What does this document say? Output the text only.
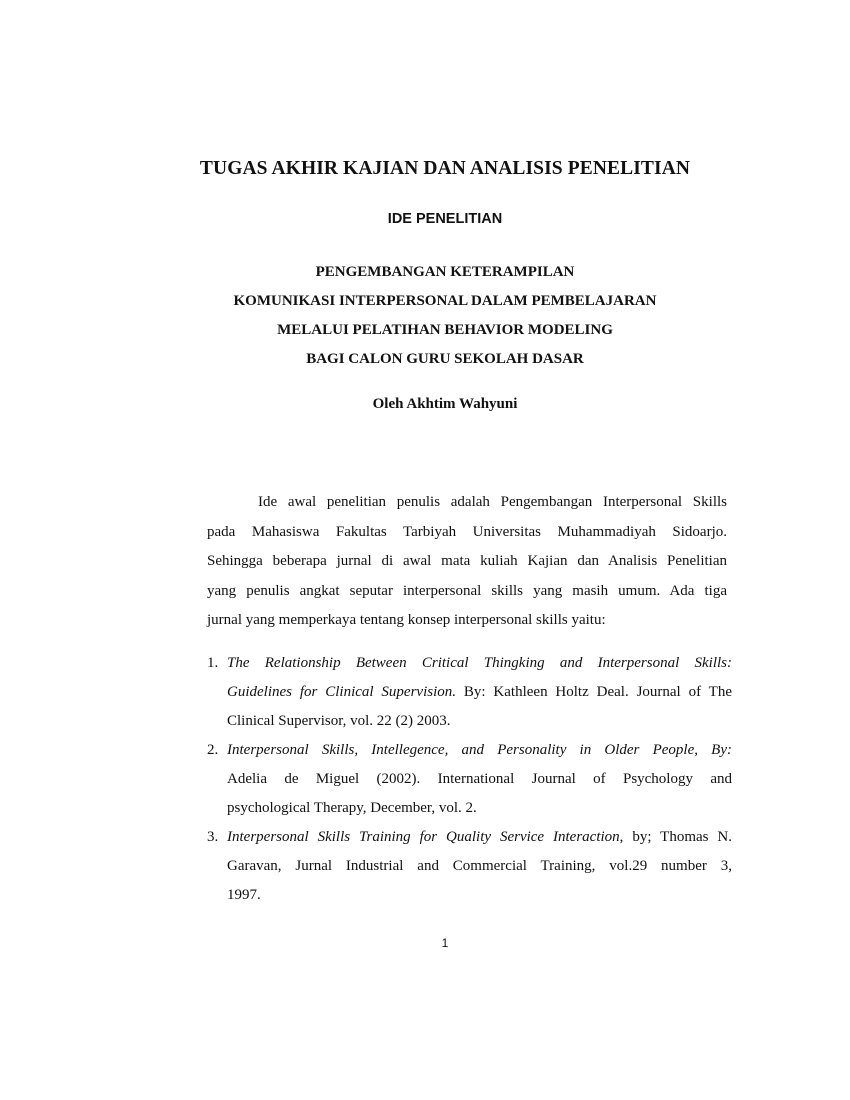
TUGAS AKHIR KAJIAN DAN ANALISIS PENELITIAN
IDE PENELITIAN
PENGEMBANGAN KETERAMPILAN
KOMUNIKASI INTERPERSONAL DALAM PEMBELAJARAN
MELALUI PELATIHAN BEHAVIOR MODELING
BAGI CALON GURU SEKOLAH DASAR
Oleh Akhtim Wahyuni
Ide awal penelitian penulis adalah Pengembangan Interpersonal Skills
pada Mahasiswa Fakultas Tarbiyah Universitas Muhammadiyah Sidoarjo.
Sehingga beberapa jurnal di awal mata kuliah Kajian dan Analisis Penelitian
yang penulis angkat seputar interpersonal skills yang masih umum. Ada tiga
jurnal yang memperkaya tentang konsep interpersonal skills yaitu:
1. The Relationship Between Critical Thingking and Interpersonal Skills:
Guidelines for Clinical Supervision. By: Kathleen Holtz Deal. Journal of The
Clinical Supervisor, vol. 22 (2) 2003.
2. Interpersonal Skills, Intellegence, and Personality in Older People, By:
Adelia de Miguel (2002). International Journal of Psychology and
psychological Therapy, December, vol. 2.
3. Interpersonal Skills Training for Quality Service Interaction, by; Thomas N.
Garavan, Jurnal Industrial and Commercial Training, vol.29 number 3,
1997.
1
